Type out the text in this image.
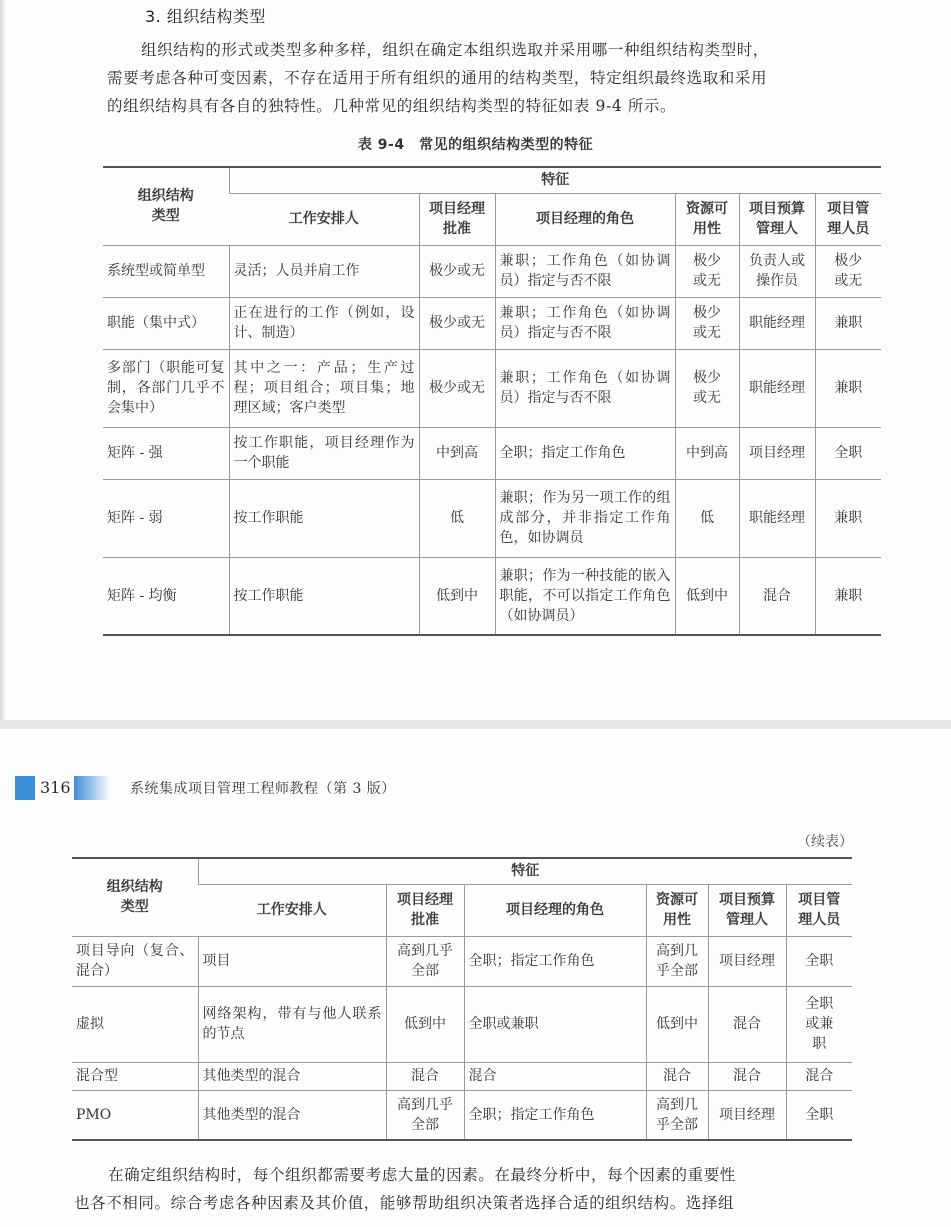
3. 组织结构类型
组织结构的形式或类型多种多样，组织在确定本组织选取并采用哪一种组织结构类型时，
需要考虑各种可变因素，不存在适用于所有组织的通用的结构类型，特定组织最终选取和采用
的组织结构具有各自的独特性。几种常见的组织结构类型的特征如表 9-4 所示。
表 9-4　常见的组织结构类型的特征
组织结构类型	特征					
	工作安排人	项目经理批准	项目经理的角色	资源可用性	项目预算管理人	项目管理人员
系统型或简单型	灵活；人员并肩工作	极少或无	兼职；工作角色（如协调员）指定与否不限	极少或无	负责人或操作员	极少或无
职能（集中式）	正在进行的工作（例如，设计、制造）	极少或无	兼职；工作角色（如协调员）指定与否不限	极少或无	职能经理	兼职
多部门（职能可复制，各部门几乎不会集中）	其中之一：产品；生产过程；项目组合；项目集；地理区域；客户类型	极少或无	兼职；工作角色（如协调员）指定与否不限	极少或无	职能经理	兼职
矩阵 - 强	按工作职能，项目经理作为一个职能	中到高	全职；指定工作角色	中到高	项目经理	全职
矩阵 - 弱	按工作职能	低	兼职；作为另一项工作的组成部分，并非指定工作角色，如协调员	低	职能经理	兼职
矩阵 - 均衡	按工作职能	低到中	兼职；作为一种技能的嵌入职能，不可以指定工作角色（如协调员）	低到中	混合	兼职
316	系统集成项目管理工程师教程（第 3 版）
（续表）
组织结构类型	特征					
	工作安排人	项目经理批准	项目经理的角色	资源可用性	项目预算管理人	项目管理人员
项目导向（复合、混合）	项目	高到几乎全部	全职；指定工作角色	高到几乎全部	项目经理	全职
虚拟	网络架构，带有与他人联系的节点	低到中	全职或兼职	低到中	混合	全职或兼职
混合型	其他类型的混合	混合	混合	混合	混合	混合
PMO	其他类型的混合	高到几乎全部	全职；指定工作角色	高到几乎全部	项目经理	全职
在确定组织结构时，每个组织都需要考虑大量的因素。在最终分析中，每个因素的重要性
也各不相同。综合考虑各种因素及其价值，能够帮助组织决策者选择合适的组织结构。选择组
